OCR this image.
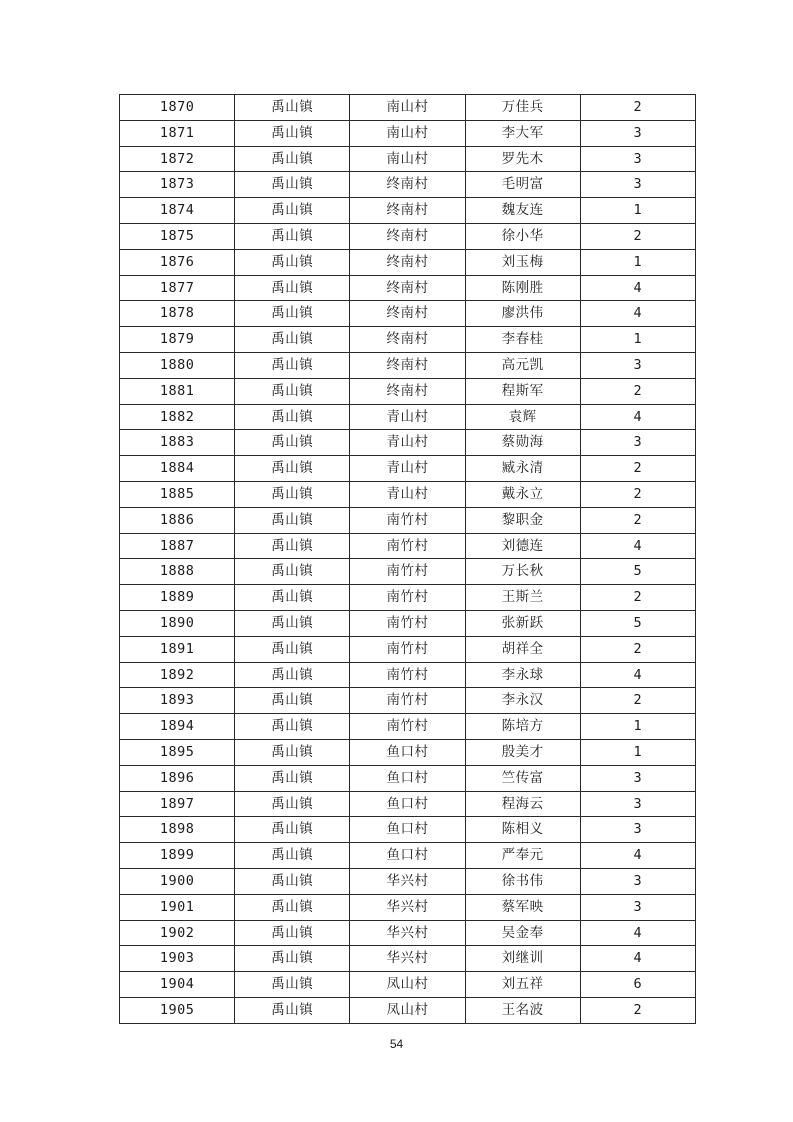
1870	禹山镇	南山村	万佳兵	2
1871	禹山镇	南山村	李大军	3
1872	禹山镇	南山村	罗先木	3
1873	禹山镇	终南村	毛明富	3
1874	禹山镇	终南村	魏友连	1
1875	禹山镇	终南村	徐小华	2
1876	禹山镇	终南村	刘玉梅	1
1877	禹山镇	终南村	陈刚胜	4
1878	禹山镇	终南村	廖洪伟	4
1879	禹山镇	终南村	李春桂	1
1880	禹山镇	终南村	高元凯	3
1881	禹山镇	终南村	程斯军	2
1882	禹山镇	青山村	袁辉	4
1883	禹山镇	青山村	蔡勋海	3
1884	禹山镇	青山村	臧永清	2
1885	禹山镇	青山村	戴永立	2
1886	禹山镇	南竹村	黎职金	2
1887	禹山镇	南竹村	刘德连	4
1888	禹山镇	南竹村	万长秋	5
1889	禹山镇	南竹村	王斯兰	2
1890	禹山镇	南竹村	张新跃	5
1891	禹山镇	南竹村	胡祥全	2
1892	禹山镇	南竹村	李永球	4
1893	禹山镇	南竹村	李永汉	2
1894	禹山镇	南竹村	陈培方	1
1895	禹山镇	鱼口村	殷美才	1
1896	禹山镇	鱼口村	竺传富	3
1897	禹山镇	鱼口村	程海云	3
1898	禹山镇	鱼口村	陈相义	3
1899	禹山镇	鱼口村	严奉元	4
1900	禹山镇	华兴村	徐书伟	3
1901	禹山镇	华兴村	蔡军映	3
1902	禹山镇	华兴村	吴金奉	4
1903	禹山镇	华兴村	刘继训	4
1904	禹山镇	凤山村	刘五祥	6
1905	禹山镇	凤山村	王名波	2
54
